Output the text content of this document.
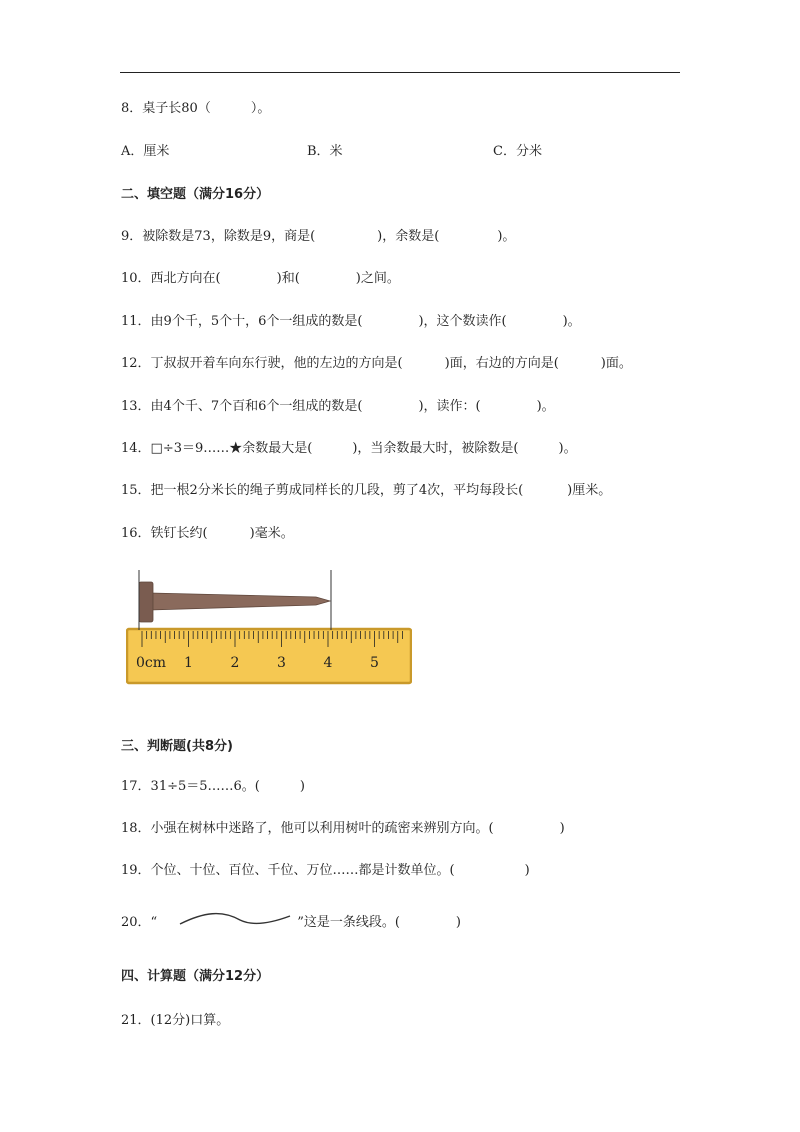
8．桌子长80（	）。
A．厘米	B．米	C．分米
二、填空题（满分16分）
9．被除数是73，除数是9，商是(	)，余数是(	)。
10．西北方向在(	)和(	)之间。
11．由9个千，5个十，6个一组成的数是(	)，这个数读作(	)。
12．丁叔叔开着车向东行驶，他的左边的方向是(	)面，右边的方向是(	)面。
13．由4个千、7个百和6个一组成的数是(	)，读作：(	)。
14．□÷3＝9……★余数最大是(	)，当余数最大时，被除数是(	)。
15．把一根2分米长的绳子剪成同样长的几段，剪了4次，平均每段长(	)厘米。
16．铁钉长约(	)毫米。
0cm 1	2	3	4	5
三、判断题(共8分)
17．31÷5＝5……6。(	)
18．小强在树林中迷路了，他可以利用树叶的疏密来辨别方向。(	)
19．个位、十位、百位、千位、万位……都是计数单位。(	)
20．“	”这是一条线段。(	)
四、计算题（满分12分）
21．(12分)口算。
